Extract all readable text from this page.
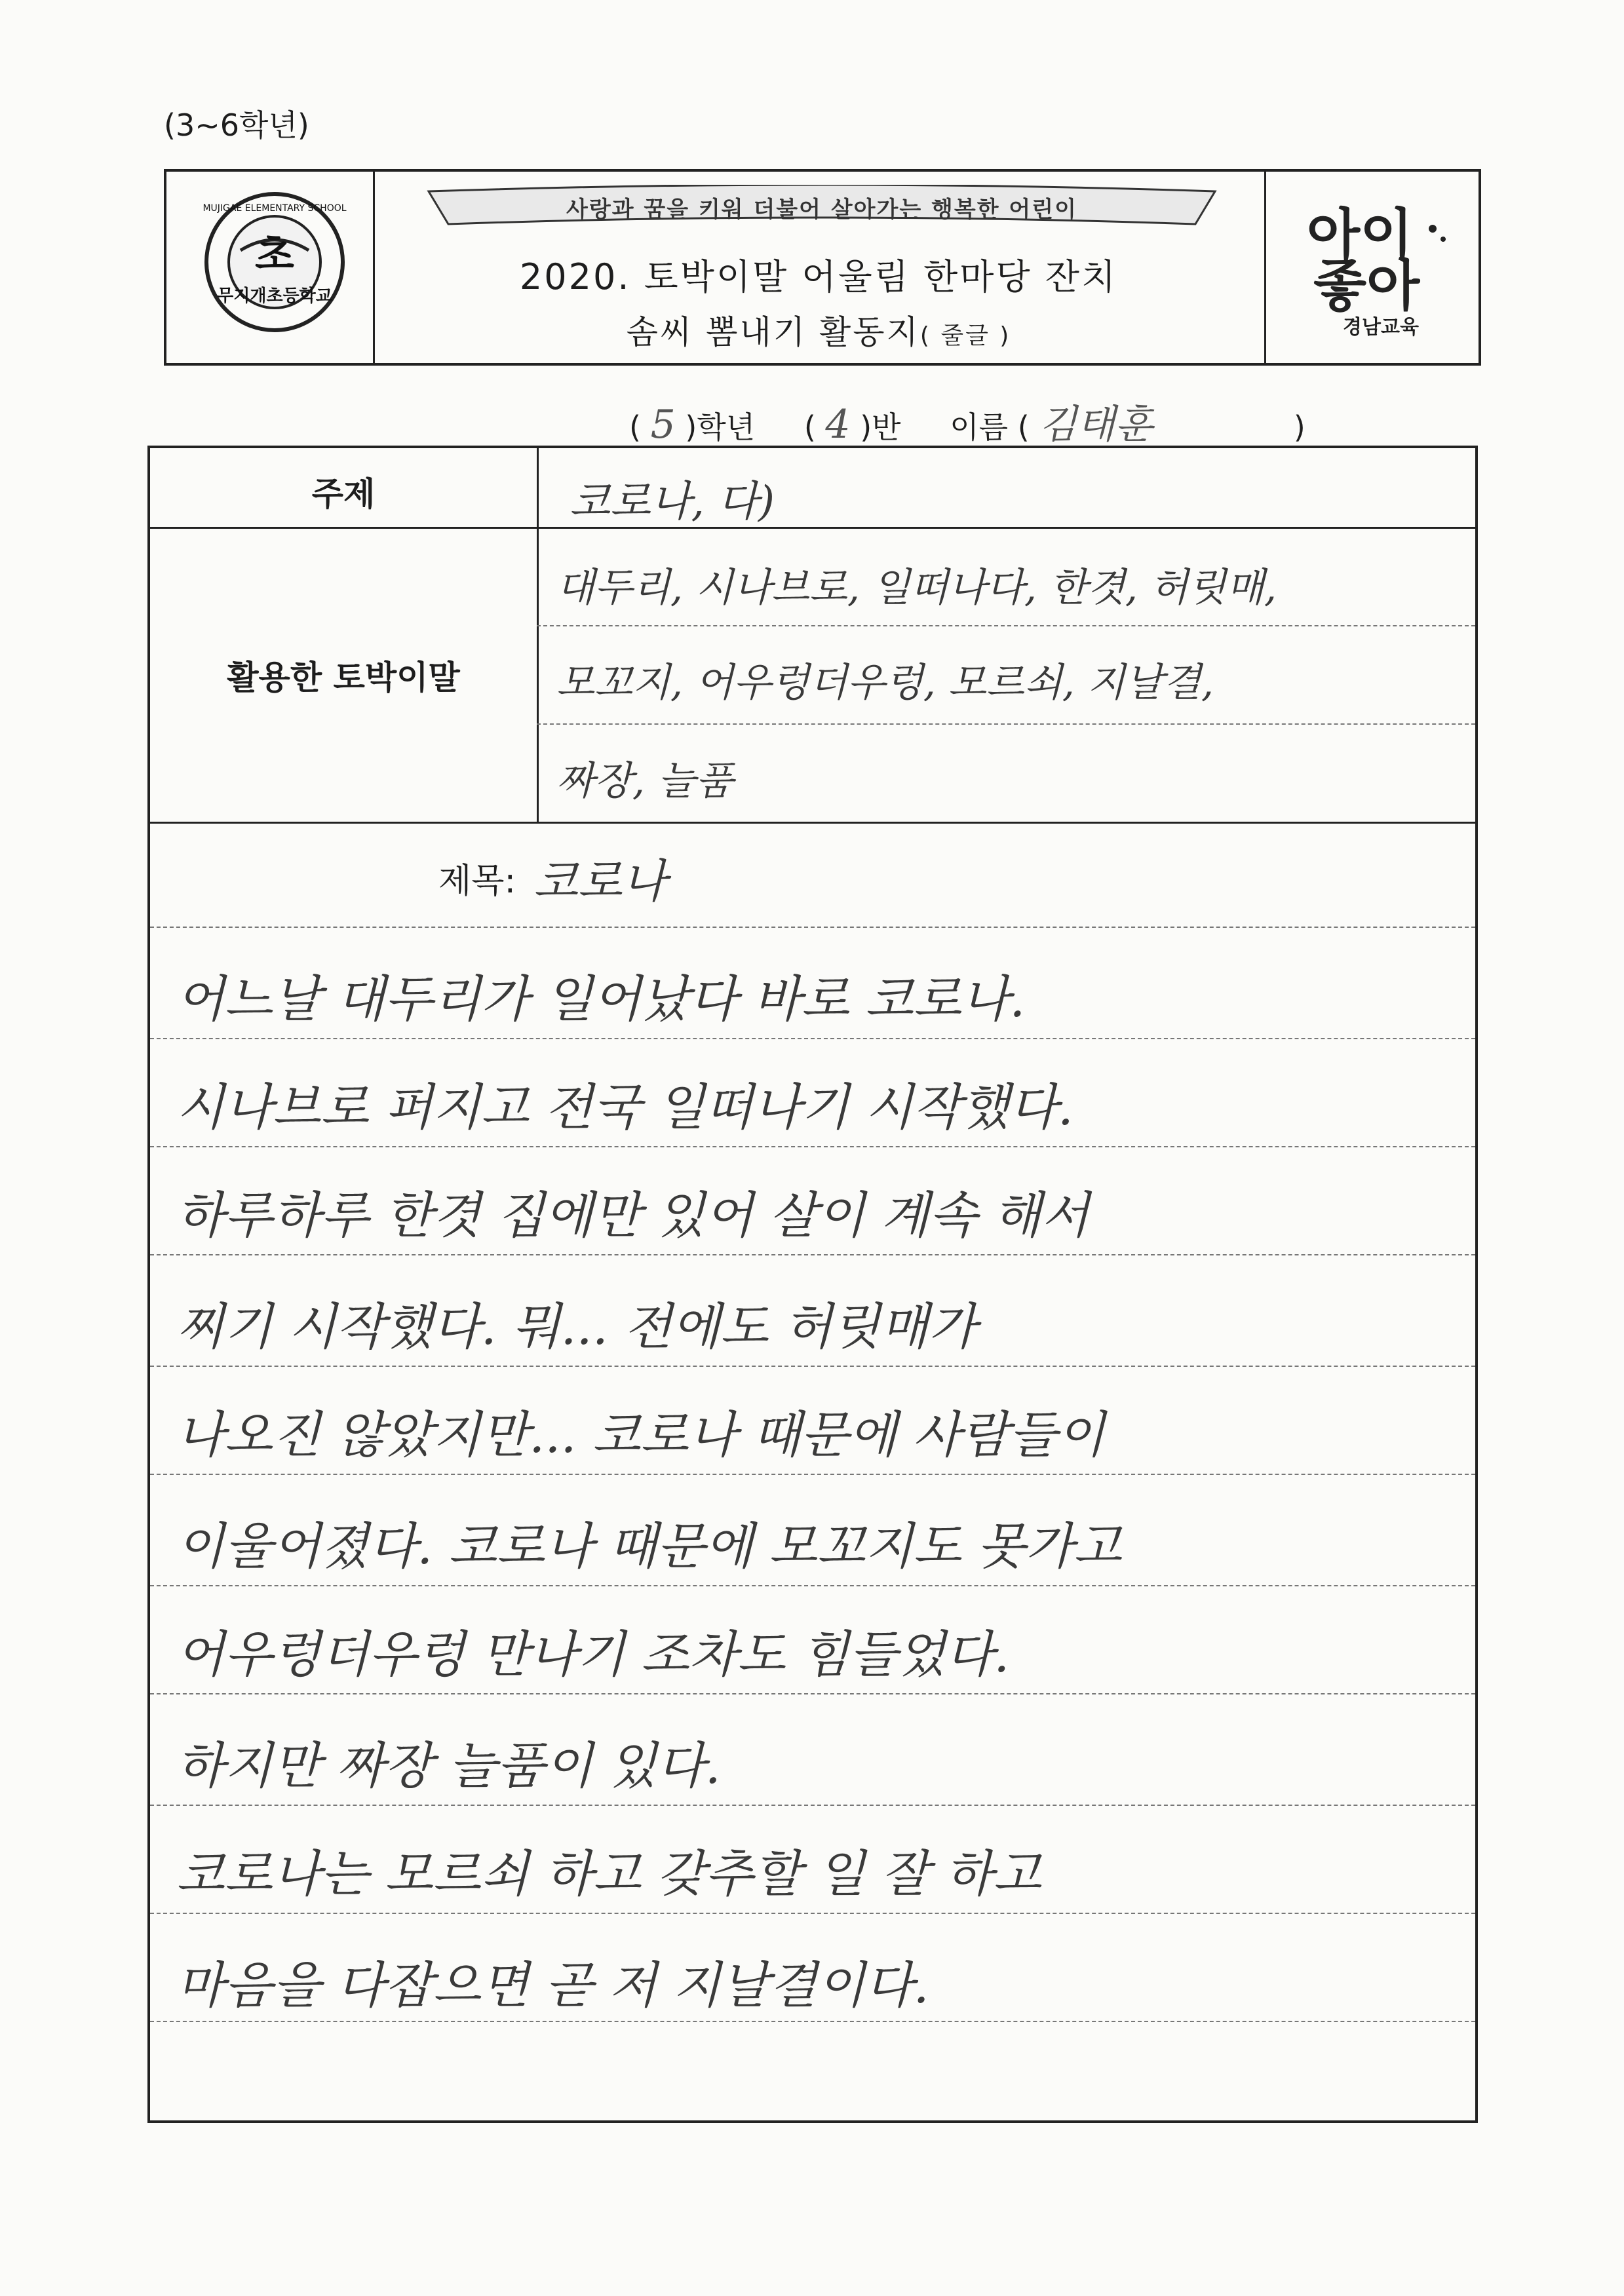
(3~6학년)
초
무지개초등학교
MUJIGAE ELEMENTARY SCHOOL	사랑과 꿈을 키워 더불어 살아가는 행복한 어린이
2020. 토박이말 어울림 한마당 잔치
솜씨 뽐내기 활동지( 줄글 )
아이
좋아
경남교육
( 5 )학년 ( 4 )반 이름 ( 김태훈	)
주제	코로나, 다)
활용한 토박이말
대두리, 시나브로, 일떠나다, 한겻, 허릿매,
모꼬지, 어우렁더우렁, 모르쇠, 지날결,
짜장, 늘품
제목: 코로나
어느날 대두리가 일어났다 바로 코로나.
시나브로 퍼지고 전국 일떠나기 시작했다.
하루하루 한겻 집에만 있어 살이 계속 해서
찌기 시작했다. 뭐... 전에도 허릿매가
나오진 않았지만... 코로나 때문에 사람들이
이울어졌다. 코로나 때문에 모꼬지도 못가고
어우렁더우렁 만나기 조차도 힘들었다.
하지만 짜장 늘품이 있다.
코로나는 모르쇠 하고 갖추할 일 잘 하고
마음을 다잡으면 곧 저 지날결이다.
